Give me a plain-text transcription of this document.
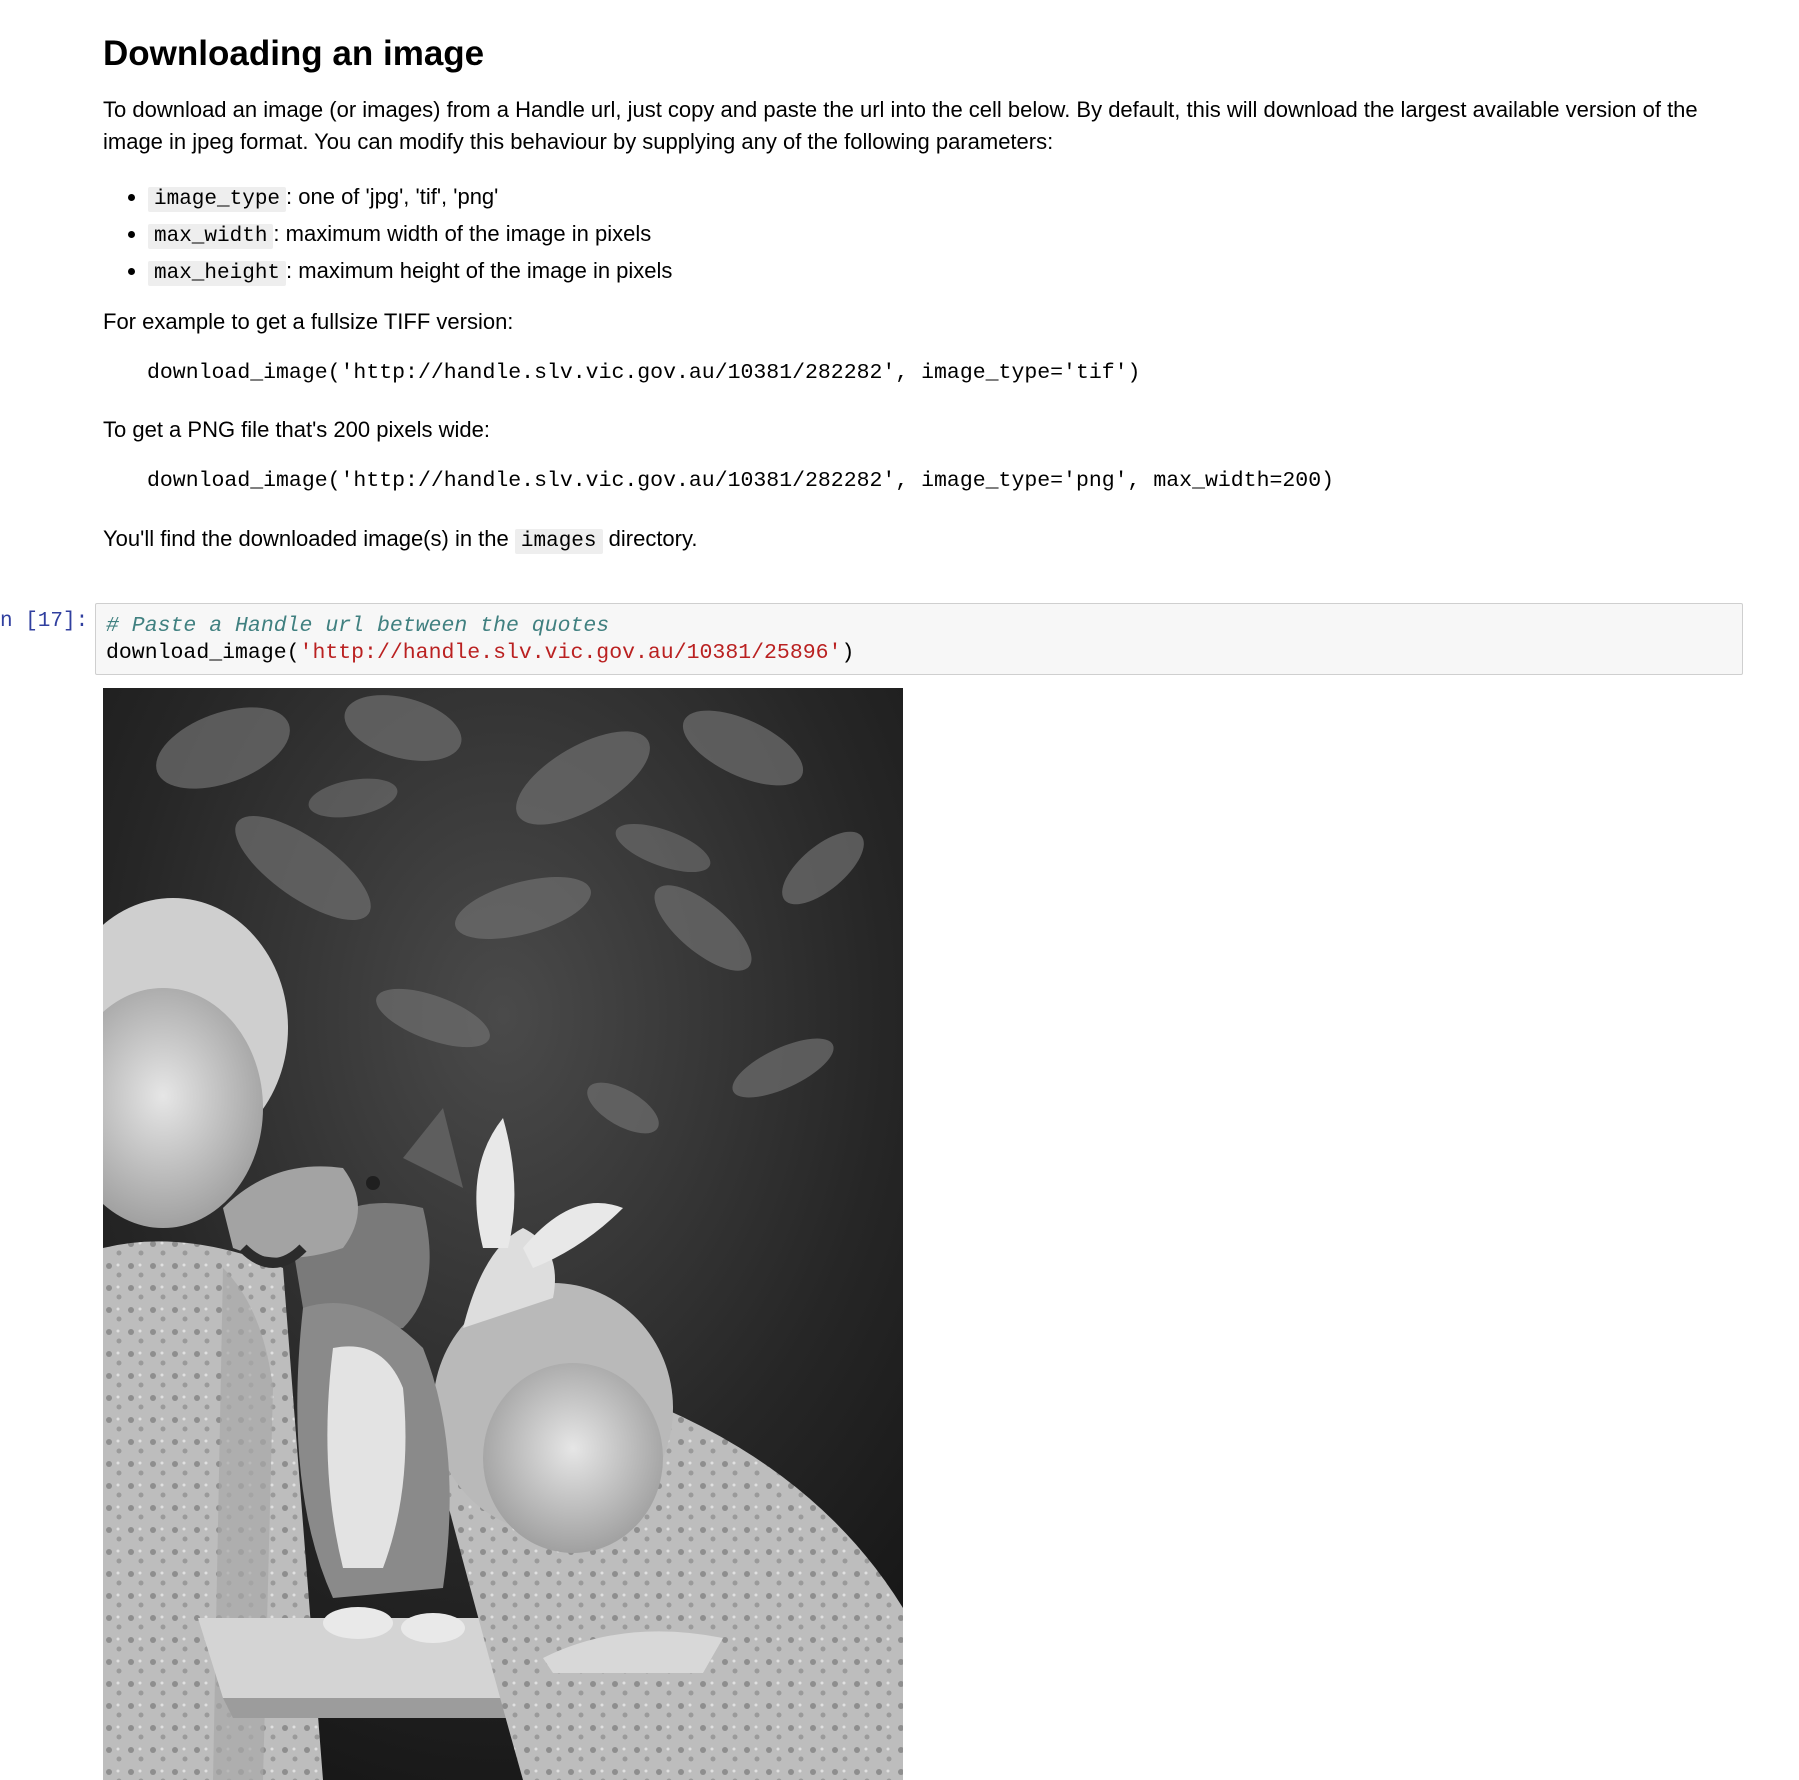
Downloading an image

To download an image (or images) from a Handle url, just copy and paste the url into the cell below. By default, this will download the largest available version of the image in jpeg format. You can modify this behaviour by supplying any of the following parameters:

• image_type : one of 'jpg', 'tif', 'png'
• max_width : maximum width of the image in pixels
• max_height : maximum height of the image in pixels

For example to get a fullsize TIFF version:

download_image('http://handle.slv.vic.gov.au/10381/282282', image_type='tif')

To get a PNG file that's 200 pixels wide:

download_image('http://handle.slv.vic.gov.au/10381/282282', image_type='png', max_width=200)

You'll find the downloaded image(s) in the images directory.

n [17]: # Paste a Handle url between the quotes
download_image('http://handle.slv.vic.gov.au/10381/25896')
